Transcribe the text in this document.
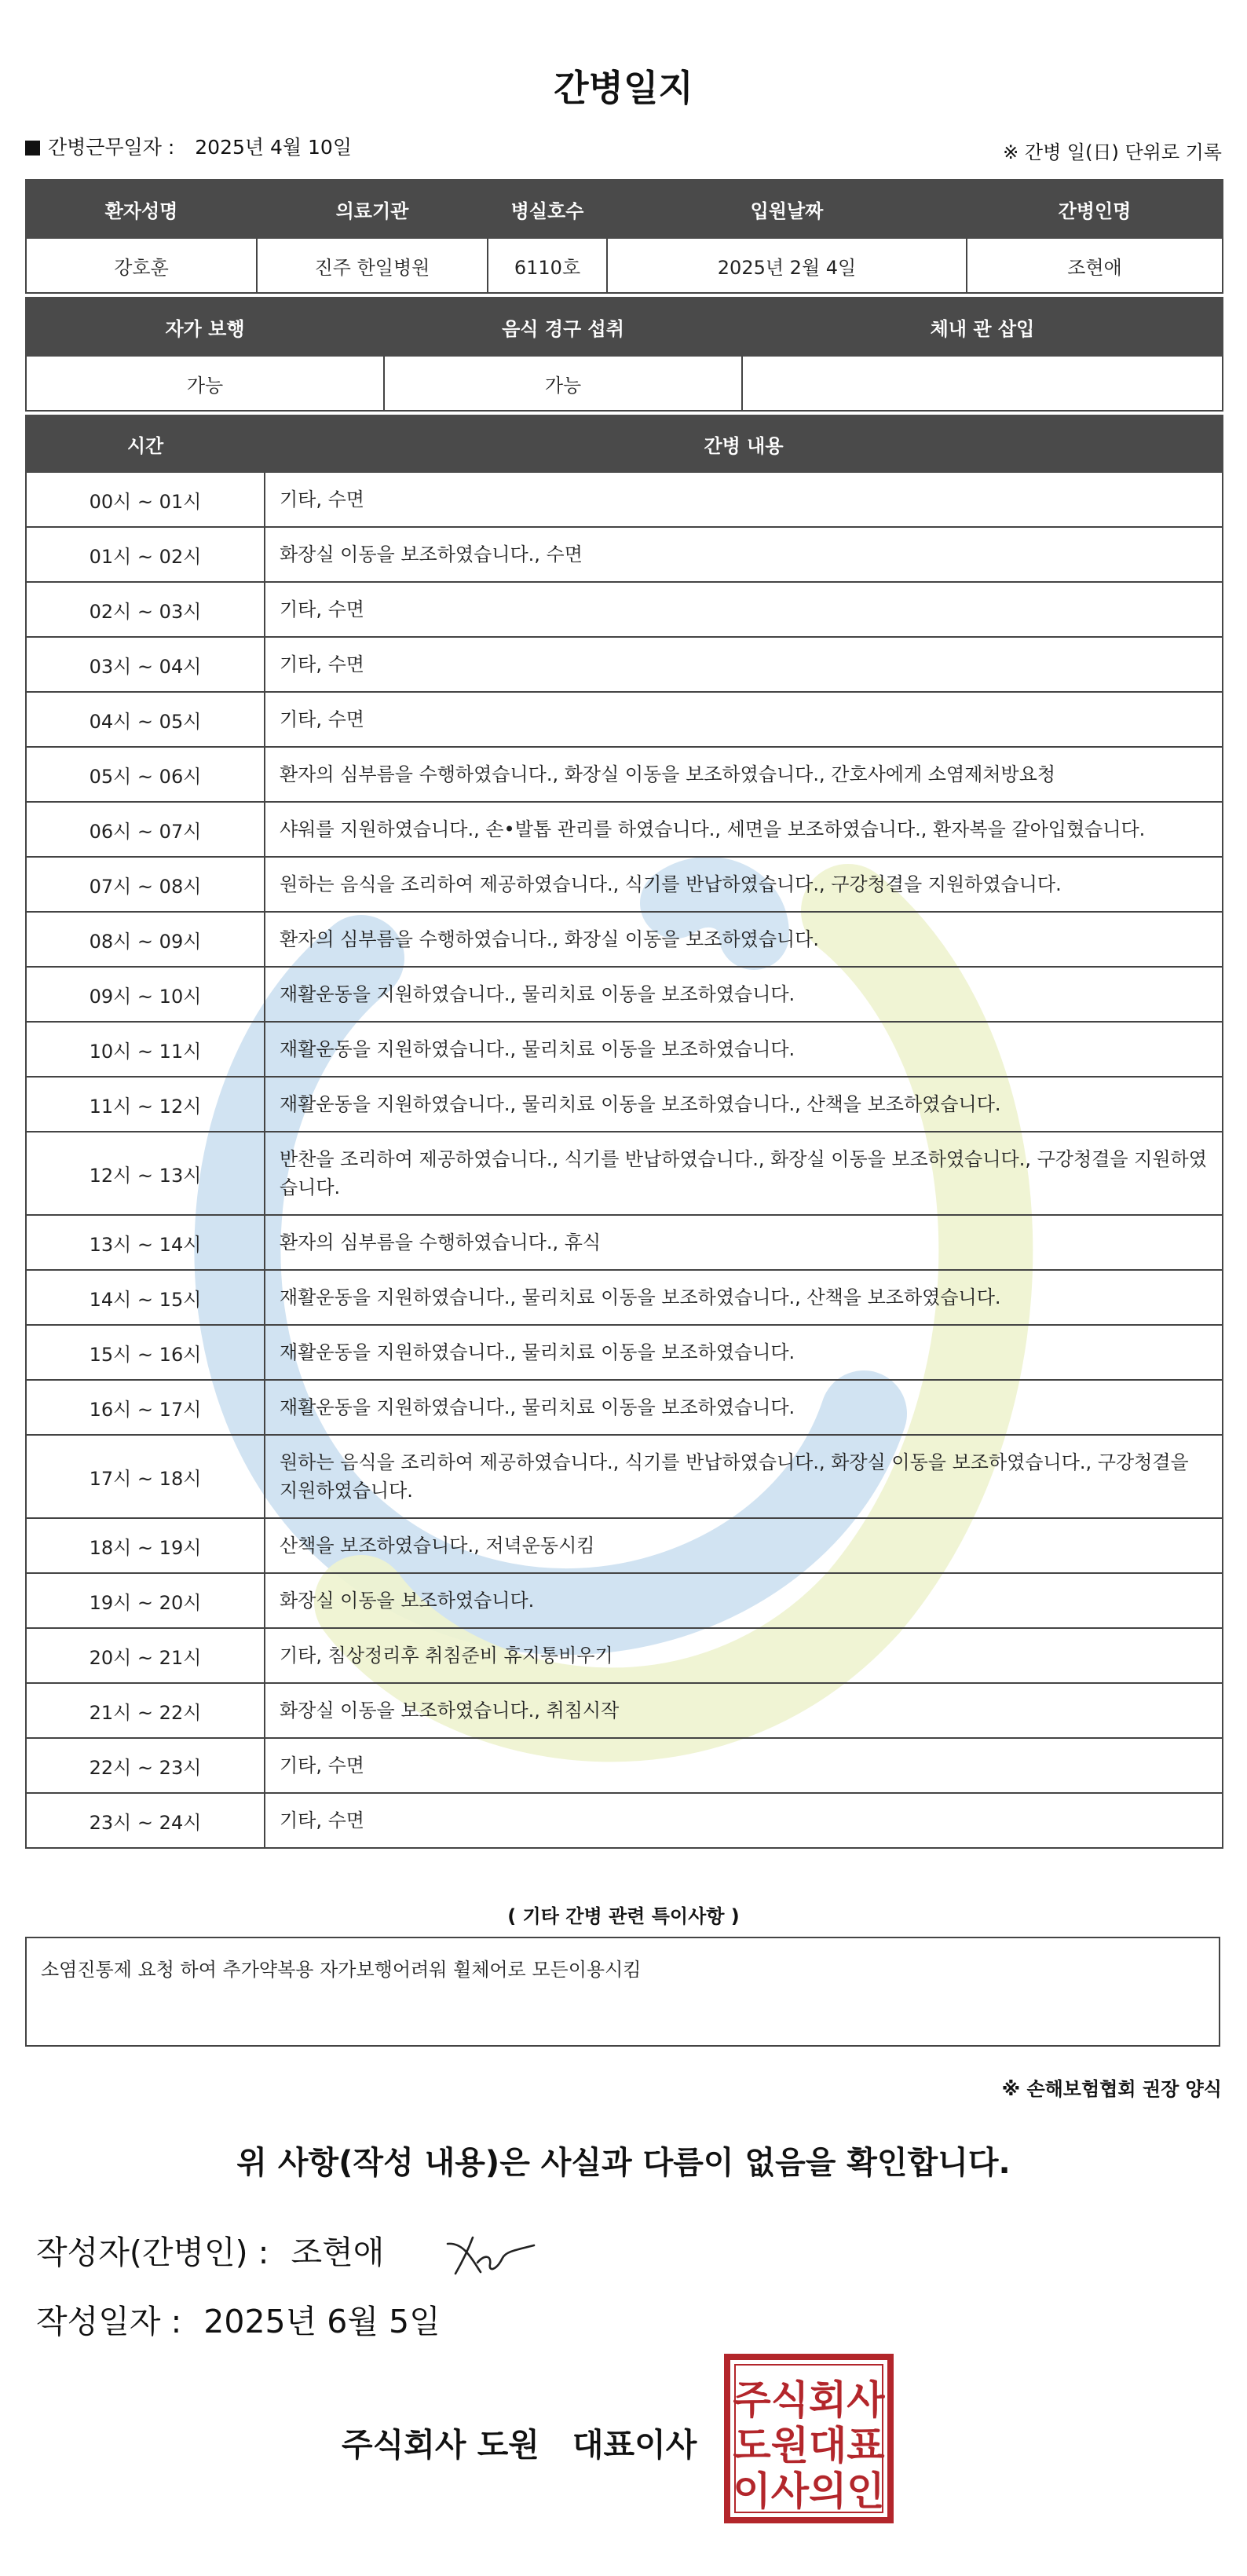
간병일지
간병근무일자 : 2025년 4월 10일	※ 간병 일(日) 단위로 기록
환자성명	의료기관	병실호수	입원날짜	간병인명
강호훈	진주 한일병원	6110호	2025년 2월 4일	조현애
자가 보행	음식 경구 섭취	체내 관 삽입
가능	가능	
시간	간병 내용
00시 ~ 01시	기타, 수면
01시 ~ 02시	화장실 이동을 보조하였습니다., 수면
02시 ~ 03시	기타, 수면
03시 ~ 04시	기타, 수면
04시 ~ 05시	기타, 수면
05시 ~ 06시	환자의 심부름을 수행하였습니다., 화장실 이동을 보조하였습니다., 간호사에게 소염제처방요청
06시 ~ 07시	샤워를 지원하였습니다., 손•발톱 관리를 하였습니다., 세면을 보조하였습니다., 환자복을 갈아입혔습니다.
07시 ~ 08시	원하는 음식을 조리하여 제공하였습니다., 식기를 반납하였습니다., 구강청결을 지원하였습니다.
08시 ~ 09시	환자의 심부름을 수행하였습니다., 화장실 이동을 보조하였습니다.
09시 ~ 10시	재활운동을 지원하였습니다., 물리치료 이동을 보조하였습니다.
10시 ~ 11시	재활운동을 지원하였습니다., 물리치료 이동을 보조하였습니다.
11시 ~ 12시	재활운동을 지원하였습니다., 물리치료 이동을 보조하였습니다., 산책을 보조하였습니다.
12시 ~ 13시	반찬을 조리하여 제공하였습니다., 식기를 반납하였습니다., 화장실 이동을 보조하였습니다., 구강청결을 지원하였습니다.
13시 ~ 14시	환자의 심부름을 수행하였습니다., 휴식
14시 ~ 15시	재활운동을 지원하였습니다., 물리치료 이동을 보조하였습니다., 산책을 보조하였습니다.
15시 ~ 16시	재활운동을 지원하였습니다., 물리치료 이동을 보조하였습니다.
16시 ~ 17시	재활운동을 지원하였습니다., 물리치료 이동을 보조하였습니다.
17시 ~ 18시	원하는 음식을 조리하여 제공하였습니다., 식기를 반납하였습니다., 화장실 이동을 보조하였습니다., 구강청결을 지원하였습니다.
18시 ~ 19시	산책을 보조하였습니다., 저녁운동시킴
19시 ~ 20시	화장실 이동을 보조하였습니다.
20시 ~ 21시	기타, 침상정리후 취침준비 휴지통비우기
21시 ~ 22시	화장실 이동을 보조하였습니다., 취침시작
22시 ~ 23시	기타, 수면
23시 ~ 24시	기타, 수면
( 기타 간병 관련 특이사항 )
소염진통제 요청 하여 추가약복용 자가보행어려워 휠체어로 모든이용시킴
※ 손해보험협회 권장 양식
위 사항(작성 내용)은 사실과 다름이 없음을 확인합니다.
작성자(간병인) : 조현애
작성일자 : 2025년 6월 5일
주식회사 도원 대표이사
주식회사
도원대표
이사의인
